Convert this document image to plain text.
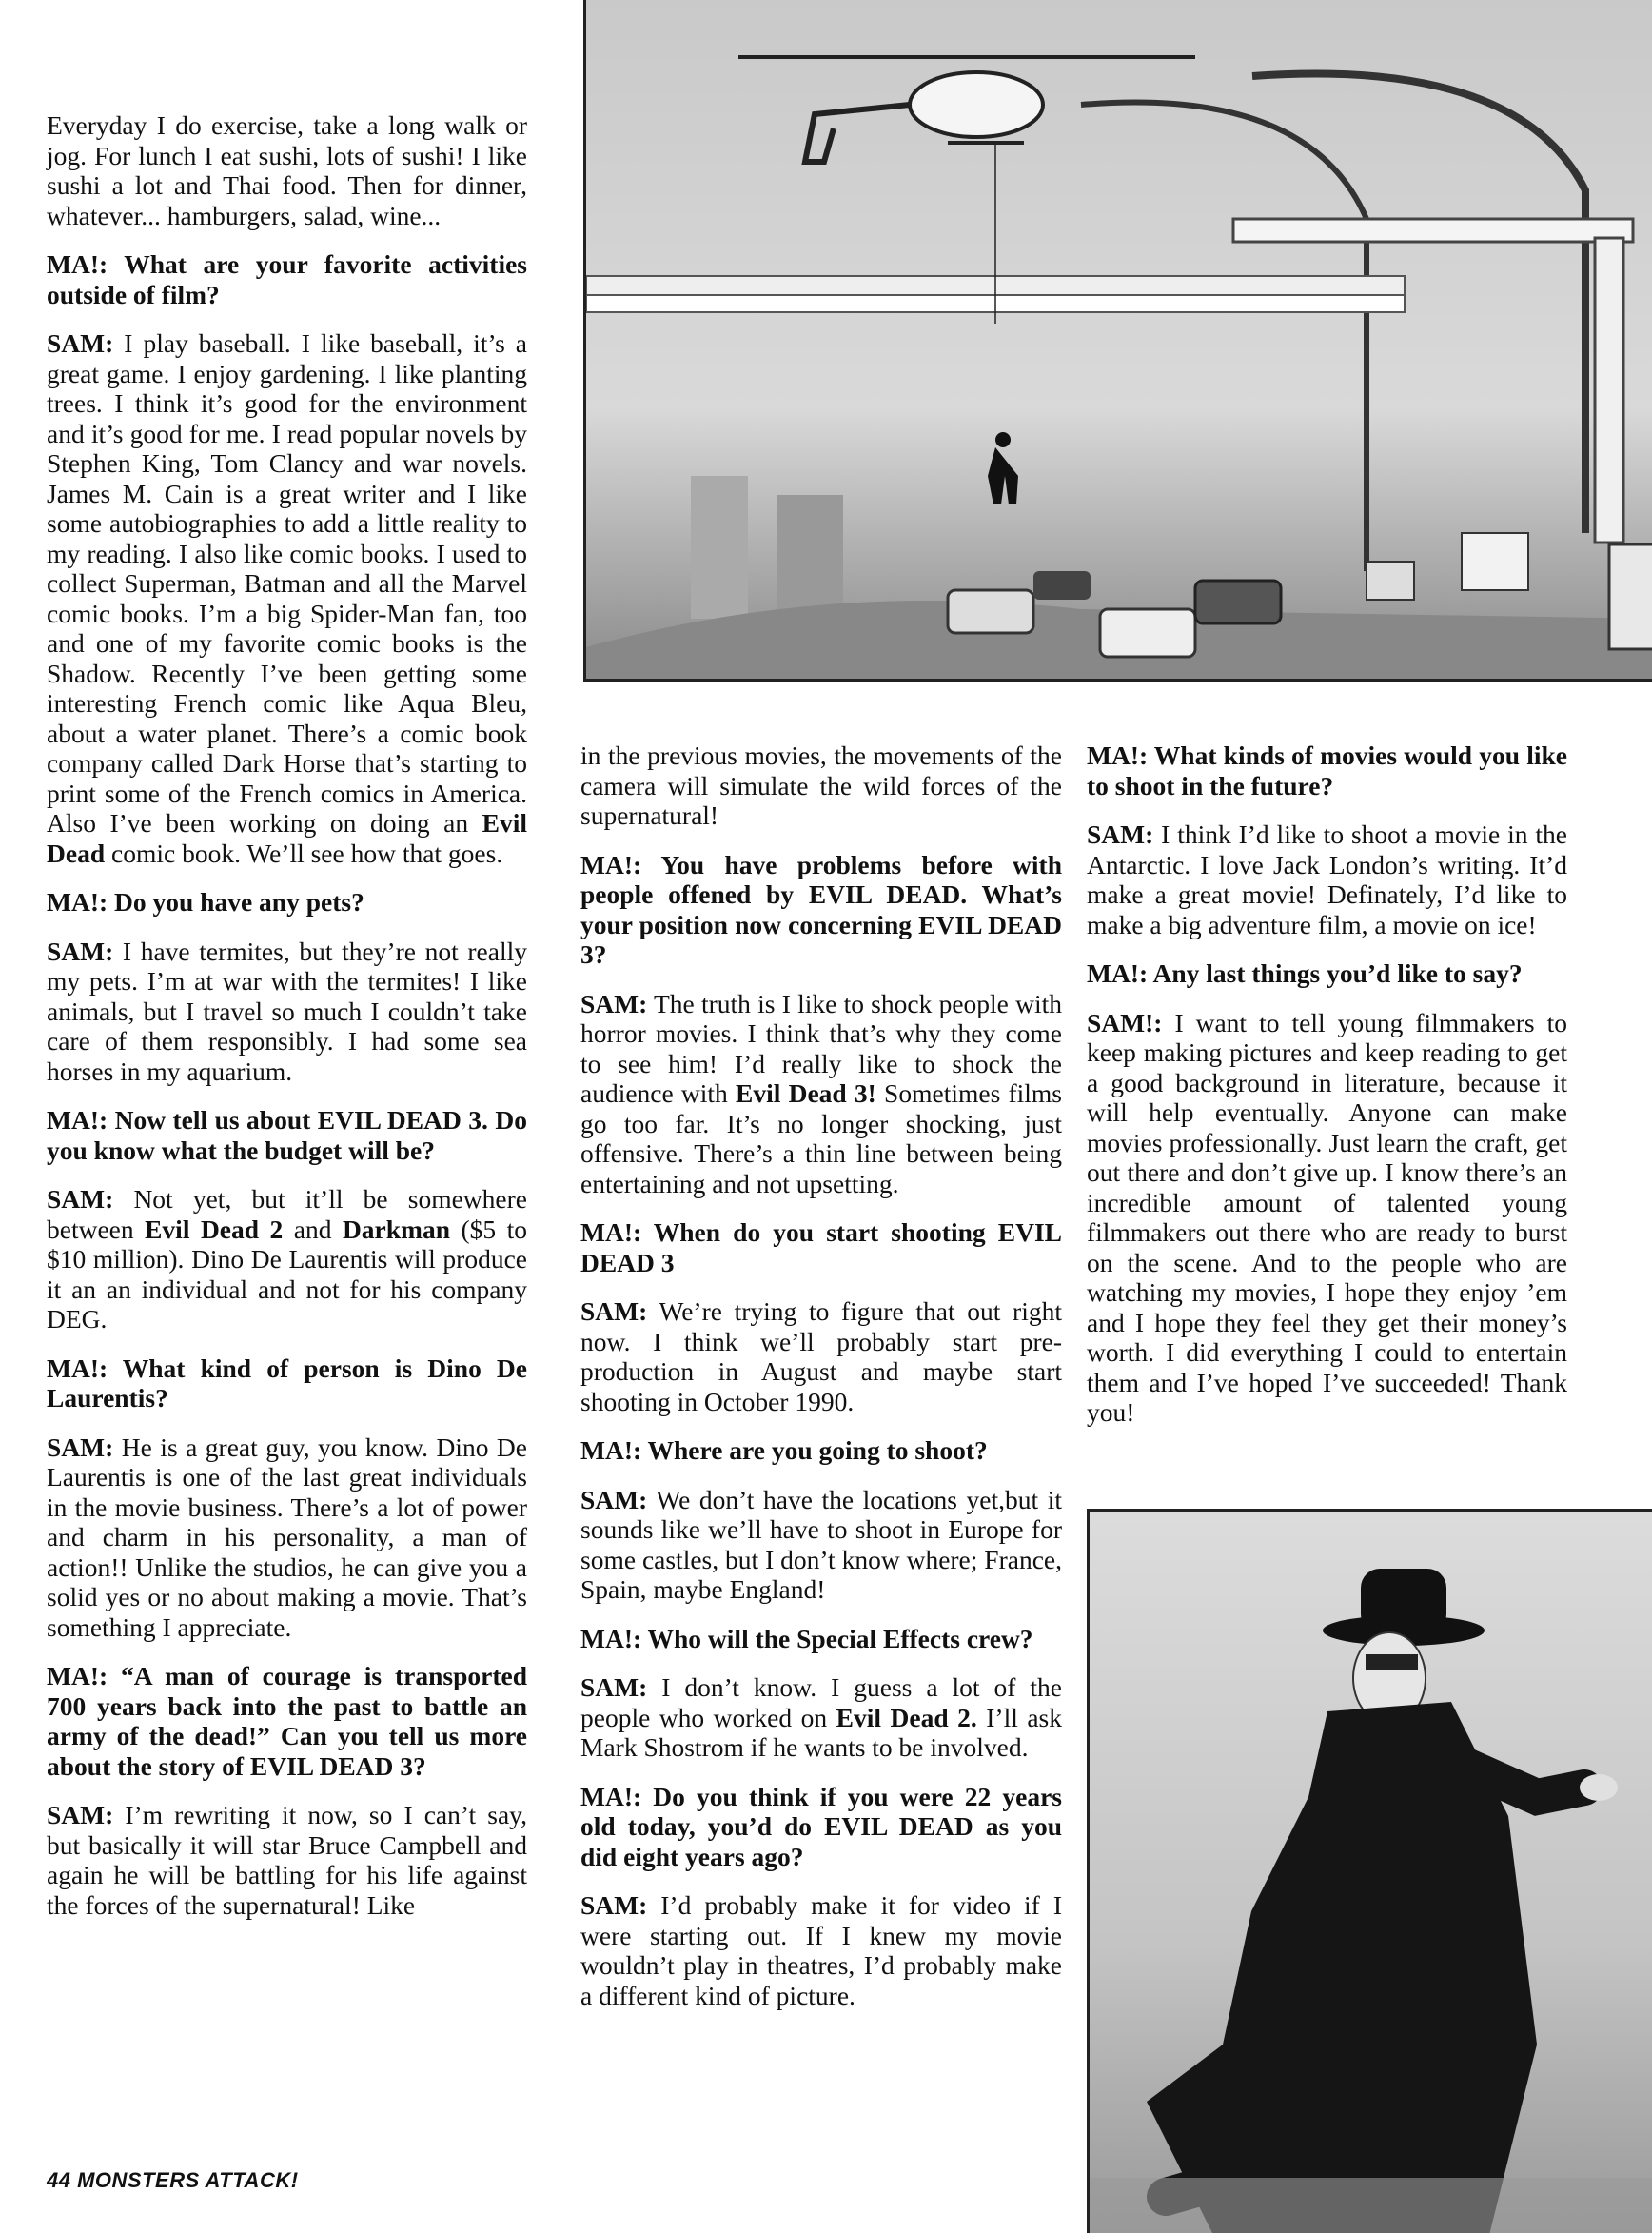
Everyday I do exercise, take a long walk or jog. For lunch I eat sushi, lots of sushi! I like sushi a lot and Thai food. Then for dinner, whatever... hamburgers, salad, wine...

MA!: What are your favorite activities outside of film?

SAM: I play baseball. I like baseball, it’s a great game. I enjoy gardening. I like planting trees. I think it’s good for the environment and it’s good for me. I read popular novels by Stephen King, Tom Clancy and war novels. James M. Cain is a great writer and I like some autobiographies to add a little reality to my reading. I also like comic books. I used to collect Superman, Batman and all the Marvel comic books. I’m a big Spider-Man fan, too and one of my favorite comic books is the Shadow. Recently I’ve been getting some interesting French comic like Aqua Bleu, about a water planet. There’s a comic book company called Dark Horse that’s starting to print some of the French comics in America. Also I’ve been working on doing an Evil Dead comic book. We’ll see how that goes.

MA!: Do you have any pets?

SAM: I have termites, but they’re not really my pets. I’m at war with the termites! I like animals, but I travel so much I couldn’t take care of them responsibly. I had some sea horses in my aquarium.

MA!: Now tell us about EVIL DEAD 3. Do you know what the budget will be?

SAM: Not yet, but it’ll be somewhere between Evil Dead 2 and Darkman ($5 to $10 million). Dino De Laurentis will produce it an an individual and not for his company DEG.

MA!: What kind of person is Dino De Laurentis?

SAM: He is a great guy, you know. Dino De Laurentis is one of the last great individuals in the movie business. There’s a lot of power and charm in his personality, a man of action!! Unlike the studios, he can give you a solid yes or no about making a movie. That’s something I appreciate.

MA!: “A man of courage is transported 700 years back into the past to battle an army of the dead!” Can you tell us more about the story of EVIL DEAD 3?

SAM: I’m rewriting it now, so I can’t say, but basically it will star Bruce Campbell and again he will be battling for his life against the forces of the supernatural! Like

in the previous movies, the movements of the camera will simulate the wild forces of the supernatural!

MA!: You have problems before with people offened by EVIL DEAD. What’s your position now concerning EVIL DEAD 3?

SAM: The truth is I like to shock people with horror movies. I think that’s why they come to see him! I’d really like to shock the audience with Evil Dead 3! Sometimes films go too far. It’s no longer shocking, just offensive. There’s a thin line between being entertaining and not upsetting.

MA!: When do you start shooting EVIL DEAD 3

SAM: We’re trying to figure that out right now. I think we’ll probably start pre-production in August and maybe start shooting in October 1990.

MA!: Where are you going to shoot?

SAM: We don’t have the locations yet,but it sounds like we’ll have to shoot in Europe for some castles, but I don’t know where; France, Spain, maybe England!

MA!: Who will the Special Effects crew?

SAM: I don’t know. I guess a lot of the people who worked on Evil Dead 2. I’ll ask Mark Shostrom if he wants to be involved.

MA!: Do you think if you were 22 years old today, you’d do EVIL DEAD as you did eight years ago?

SAM: I’d probably make it for video if I were starting out. If I knew my movie wouldn’t play in theatres, I’d probably make a different kind of picture.

MA!: What kinds of movies would you like to shoot in the future?

SAM: I think I’d like to shoot a movie in the Antarctic. I love Jack London’s writing. It’d make a great movie! Definately, I’d like to make a big adventure film, a movie on ice!

MA!: Any last things you’d like to say?

SAM!: I want to tell young filmmakers to keep making pictures and keep reading to get a good background in literature, because it will help eventually. Anyone can make movies professionally. Just learn the craft, get out there and don’t give up. I know there’s an incredible amount of talented young filmmakers out there who are ready to burst on the scene. And to the people who are watching my movies, I hope they enjoy ’em and I hope they feel they get their money’s worth. I did everything I could to entertain them and I’ve hoped I’ve succeeded! Thank you!

44 MONSTERS ATTACK!
